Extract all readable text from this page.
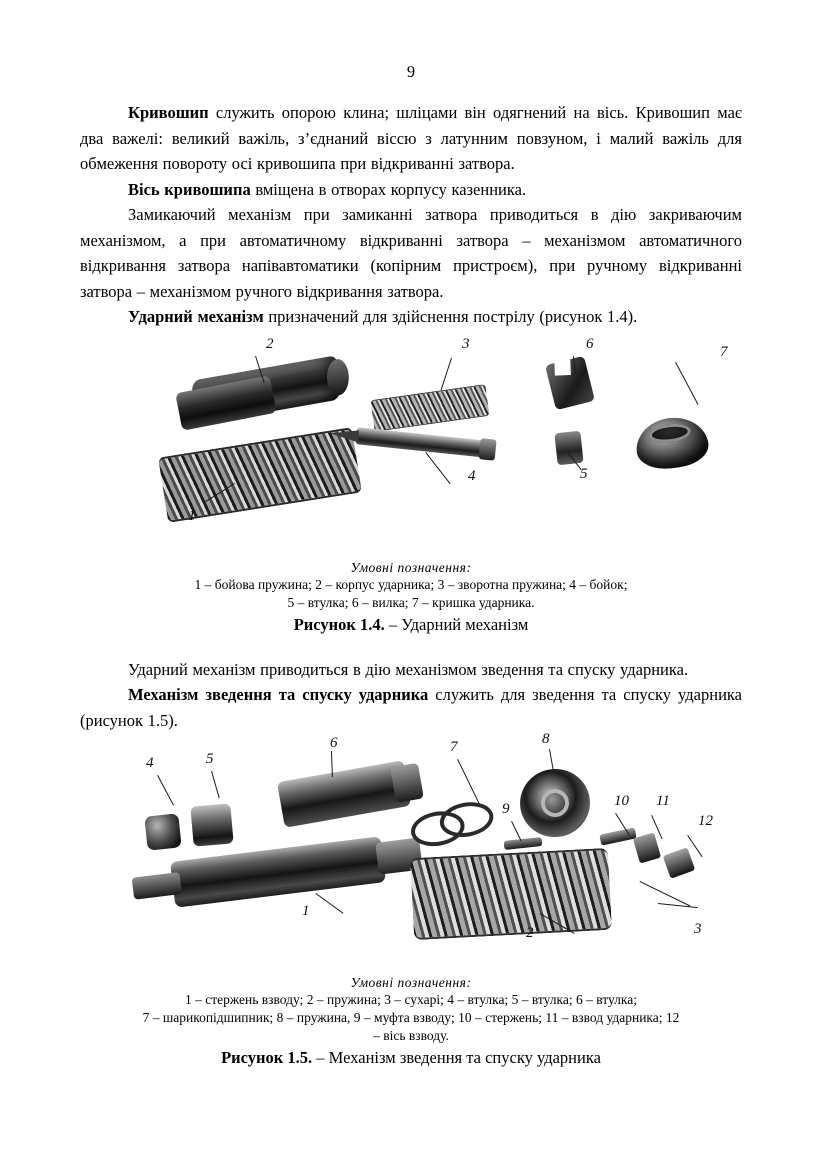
9

Кривошип служить опорою клина; шліцами він одягнений на вісь. Кривошип має два важелі: великий важіль, з’єднаний віссю з латунним повзуном, і малий важіль для обмеження повороту осі кривошипа при відкриванні затвора.

Вісь кривошипа вміщена в отворах корпусу казенника.

Замикаючий механізм при замиканні затвора приводиться в дію закриваючим механізмом, а при автоматичному відкриванні затвора – механізмом автоматичного відкривання затвора напівавтоматики (копірним пристроєм), при ручному відкриванні затвора – механізмом ручного відкривання затвора.

Ударний механізм призначений для здійснення пострілу (рисунок 1.4).

2	3	6	7
5
4
1
Умовні позначення:
1 – бойова пружина; 2 – корпус ударника; 3 – зворотна пружина; 4 – бойок;
5 – втулка; 6 – вилка; 7 – кришка ударника.
Рисунок 1.4. – Ударний механізм

Ударний механізм приводиться в дію механізмом зведення та спуску ударника.

Механізм зведення та спуску ударника служить для зведення та спуску ударника (рисунок 1.5).

4	5
6	7	8
9	10 11
12
1
2	3
Умовні позначення:
1 – стержень взводу; 2 – пружина; 3 – сухарі; 4 – втулка; 5 – втулка; 6 – втулка;
7 – шарикопідшипник; 8 – пружина, 9 – муфта взводу; 10 – стержень; 11 – взвод ударника; 12
– вісь взводу.
Рисунок 1.5. – Механізм зведення та спуску ударника
